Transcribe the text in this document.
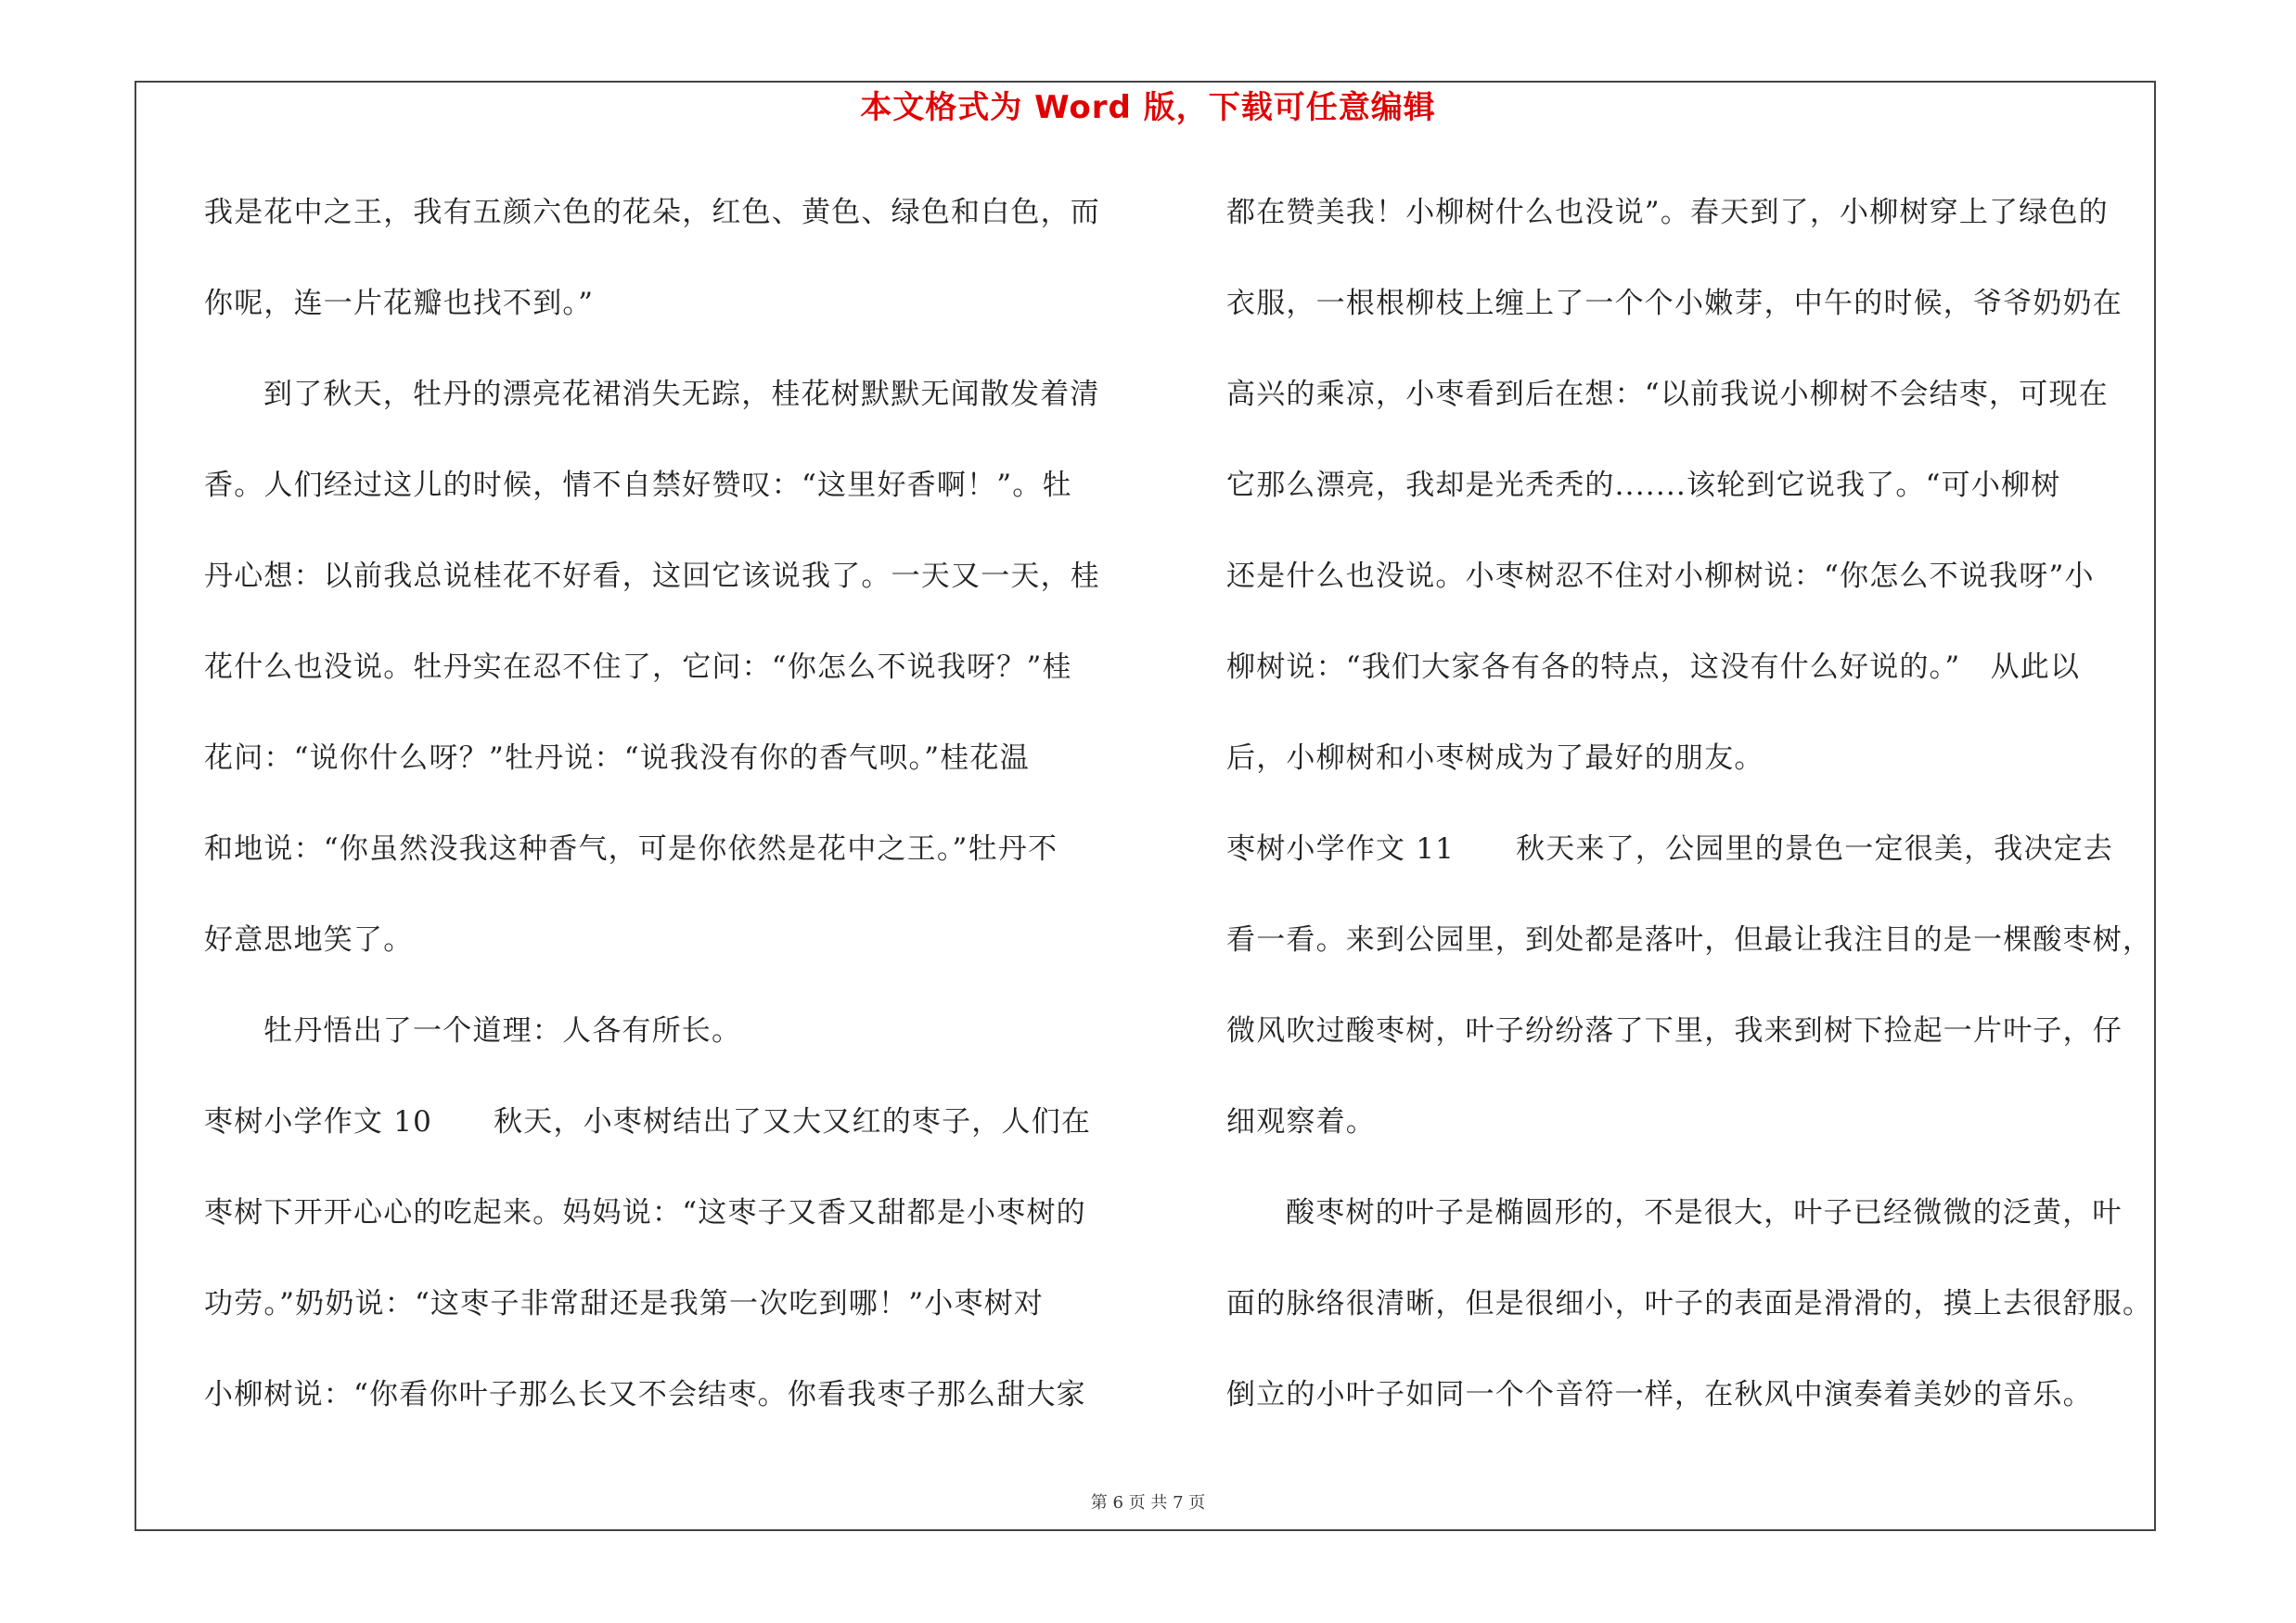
本文格式为 Word 版，下载可任意编辑
我是花中之王，我有五颜六色的花朵，红色、黄色、绿色和白色，而
你呢，连一片花瓣也找不到。”
到了秋天，牡丹的漂亮花裙消失无踪，桂花树默默无闻散发着清
香。人们经过这儿的时候，情不自禁好赞叹：“这里好香啊！”。牡
丹心想：以前我总说桂花不好看，这回它该说我了。一天又一天，桂
花什么也没说。牡丹实在忍不住了，它问：“你怎么不说我呀？”桂
花问：“说你什么呀？”牡丹说：“说我没有你的香气呗。”桂花温
和地说：“你虽然没我这种香气，可是你依然是花中之王。”牡丹不
好意思地笑了。
牡丹悟出了一个道理：人各有所长。
枣树小学作文 10 秋天，小枣树结出了又大又红的枣子，人们在
枣树下开开心心的吃起来。妈妈说：“这枣子又香又甜都是小枣树的
功劳。”奶奶说：“这枣子非常甜还是我第一次吃到哪！”小枣树对
小柳树说：“你看你叶子那么长又不会结枣。你看我枣子那么甜大家
都在赞美我！小柳树什么也没说”。春天到了，小柳树穿上了绿色的
衣服，一根根柳枝上缠上了一个个小嫩芽，中午的时候，爷爷奶奶在
高兴的乘凉，小枣看到后在想：“以前我说小柳树不会结枣，可现在
它那么漂亮，我却是光秃秃的.......该轮到它说我了。“可小柳树
还是什么也没说。小枣树忍不住对小柳树说：“你怎么不说我呀”小
柳树说：“我们大家各有各的特点，这没有什么好说的。”　从此以
后，小柳树和小枣树成为了最好的朋友。
枣树小学作文 11 秋天来了，公园里的景色一定很美，我决定去
看一看。来到公园里，到处都是落叶，但最让我注目的是一棵酸枣树，
微风吹过酸枣树，叶子纷纷落了下里，我来到树下捡起一片叶子，仔
细观察着。
酸枣树的叶子是椭圆形的，不是很大，叶子已经微微的泛黄，叶
面的脉络很清晰，但是很细小，叶子的表面是滑滑的，摸上去很舒服。
倒立的小叶子如同一个个音符一样，在秋风中演奏着美妙的音乐。
第 6 页 共 7 页
